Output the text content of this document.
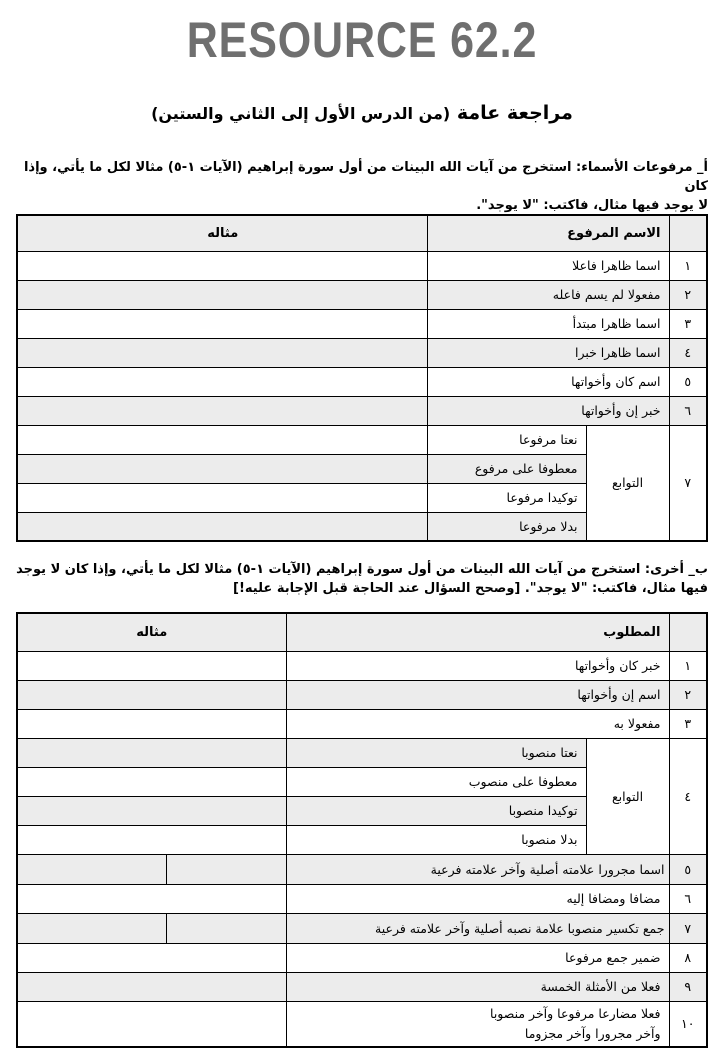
RESOURCE 62.2
مراجعة عامة (من الدرس الأول إلى الثاني والستين)
أ_ مرفوعات الأسماء: استخرج من آيات الله البينات من أول سورة إبراهيم (الآيات ١-٥) مثالا لكل ما يأتي، وإذا كان
لا يوجد فيها مثال، فاكتب: "لا يوجد".
	الاسم المرفوع		مثاله
١	اسما ظاهرا فاعلا		
٢	مفعولا لم يسم فاعله		
٣	اسما ظاهرا مبتدأ		
٤	اسما ظاهرا خبرا		
٥	اسم كان وأخواتها		
٦	خبر إن وأخواتها		
٧	التوابع	نعتا مرفوعا	
		معطوفا على مرفوع	
		توكيدا مرفوعا	
		بدلا مرفوعا	
ب_ أخرى: استخرج من آيات الله البينات من أول سورة إبراهيم (الآيات ١-٥) مثالا لكل ما يأتي، وإذا كان لا يوجد
فيها مثال، فاكتب: "لا يوجد". [وصحح السؤال عند الحاجة قبل الإجابة عليه!]
	المطلوب		مثاله
١	خبر كان وأخواتها		
٢	اسم إن وأخواتها		
٣	مفعولا به		
٤	التوابع	نعتا منصوبا	
		معطوفا على منصوب	
		توكيدا منصوبا	
		بدلا منصوبا	
٥	اسما مجرورا علامته أصلية وآخر علامته فرعية		

٦	مضافا ومضافا إليه		
٧	جمع تكسير منصوبا علامة نصبه أصلية وآخر علامته فرعية		

٨	ضمير جمع مرفوعا		
٩	فعلا من الأمثلة الخمسة		
١٠	فعلا مضارعا مرفوعا وآخر منصوبا
وآخر مجرورا وآخر مجزوما		
